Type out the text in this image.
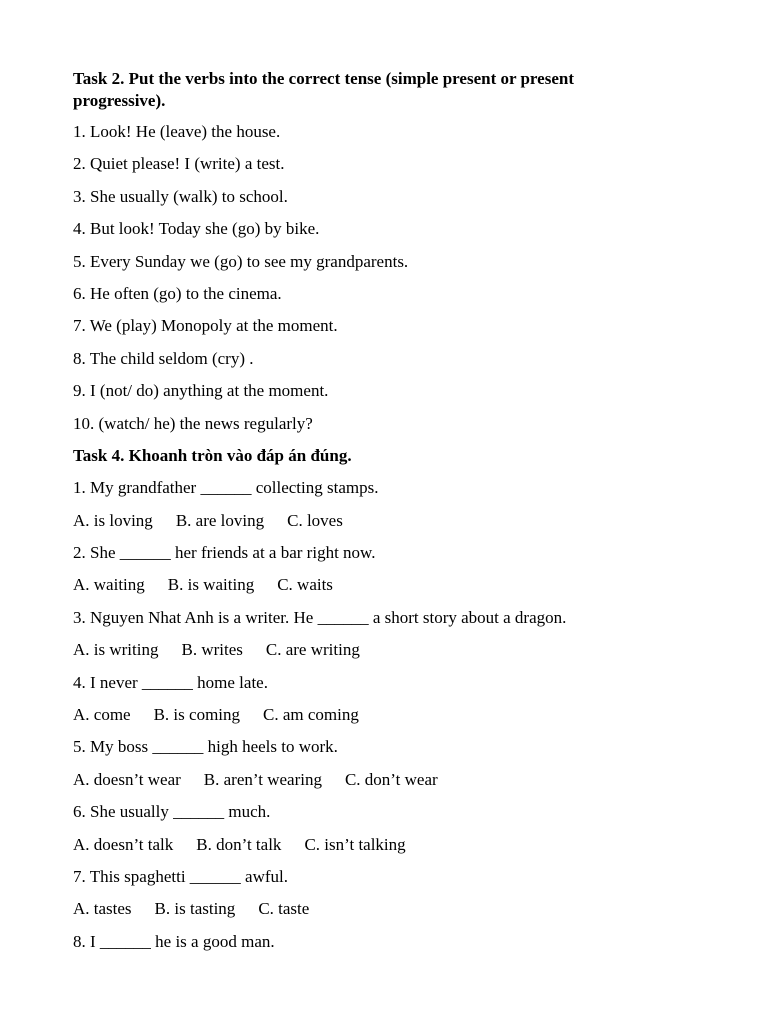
Task 2. Put the verbs into the correct tense (simple present or present progressive).

1. Look! He (leave) the house.

2. Quiet please! I (write) a test.

3. She usually (walk) to school.

4. But look! Today she (go) by bike.

5. Every Sunday we (go) to see my grandparents.

6. He often (go) to the cinema.

7. We (play) Monopoly at the moment.

8. The child seldom (cry) .

9. I (not/ do) anything at the moment.

10. (watch/ he) the news regularly?

Task 4. Khoanh tròn vào đáp án đúng.

1. My grandfather ______ collecting stamps.

A. is loving B. are loving C. loves

2. She ______ her friends at a bar right now.

A. waiting B. is waiting C. waits

3. Nguyen Nhat Anh is a writer. He ______ a short story about a dragon.

A. is writing B. writes C. are writing

4. I never ______ home late.

A. come B. is coming C. am coming

5. My boss ______ high heels to work.

A. doesn’t wear B. aren’t wearing C. don’t wear

6. She usually ______ much.

A. doesn’t talk B. don’t talk C. isn’t talking

7. This spaghetti ______ awful.

A. tastes B. is tasting C. taste

8. I ______ he is a good man.
